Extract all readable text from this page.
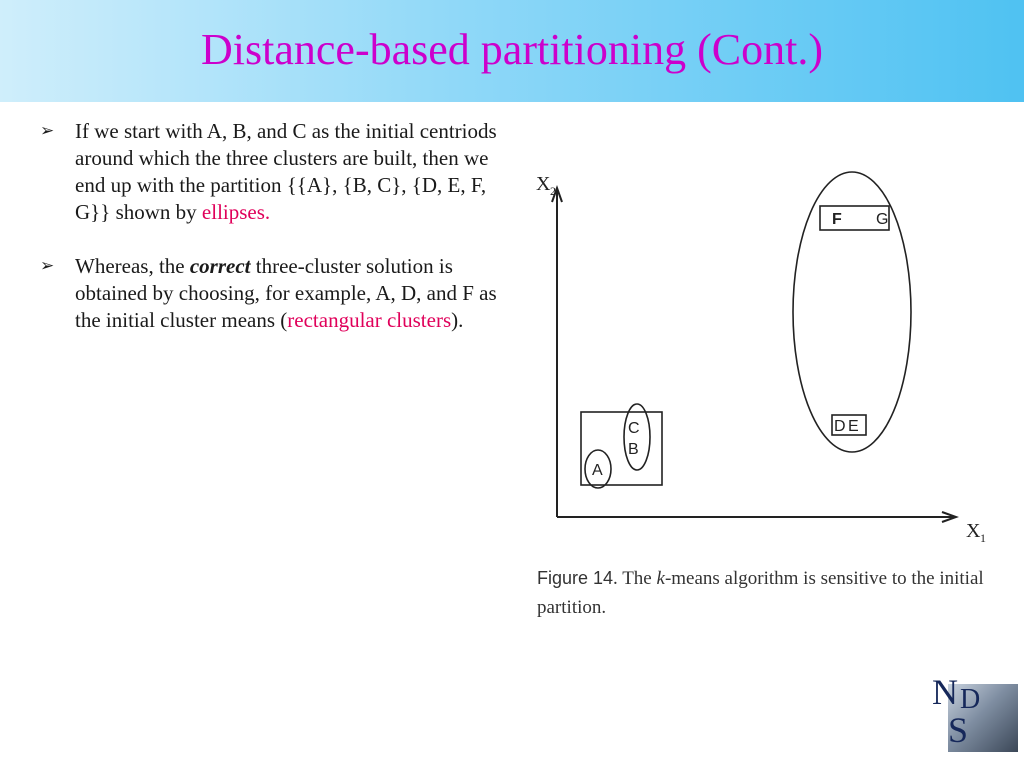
Distance-based partitioning (Cont.)
➢ If we start with A, B, and C as the initial centriods around which the three clusters are built, then we end up with the partition {{A}, {B, C}, {D, E, F, G}} shown by ellipses.
➢ Whereas, the correct three-cluster solution is obtained by choosing, for example, A, D, and F as the initial cluster means (rectangular clusters).
X 2
X 1
A
C
B
D E
F G
Figure 14. The k-means algorithm is sensitive to the initial partition.
N D
S
